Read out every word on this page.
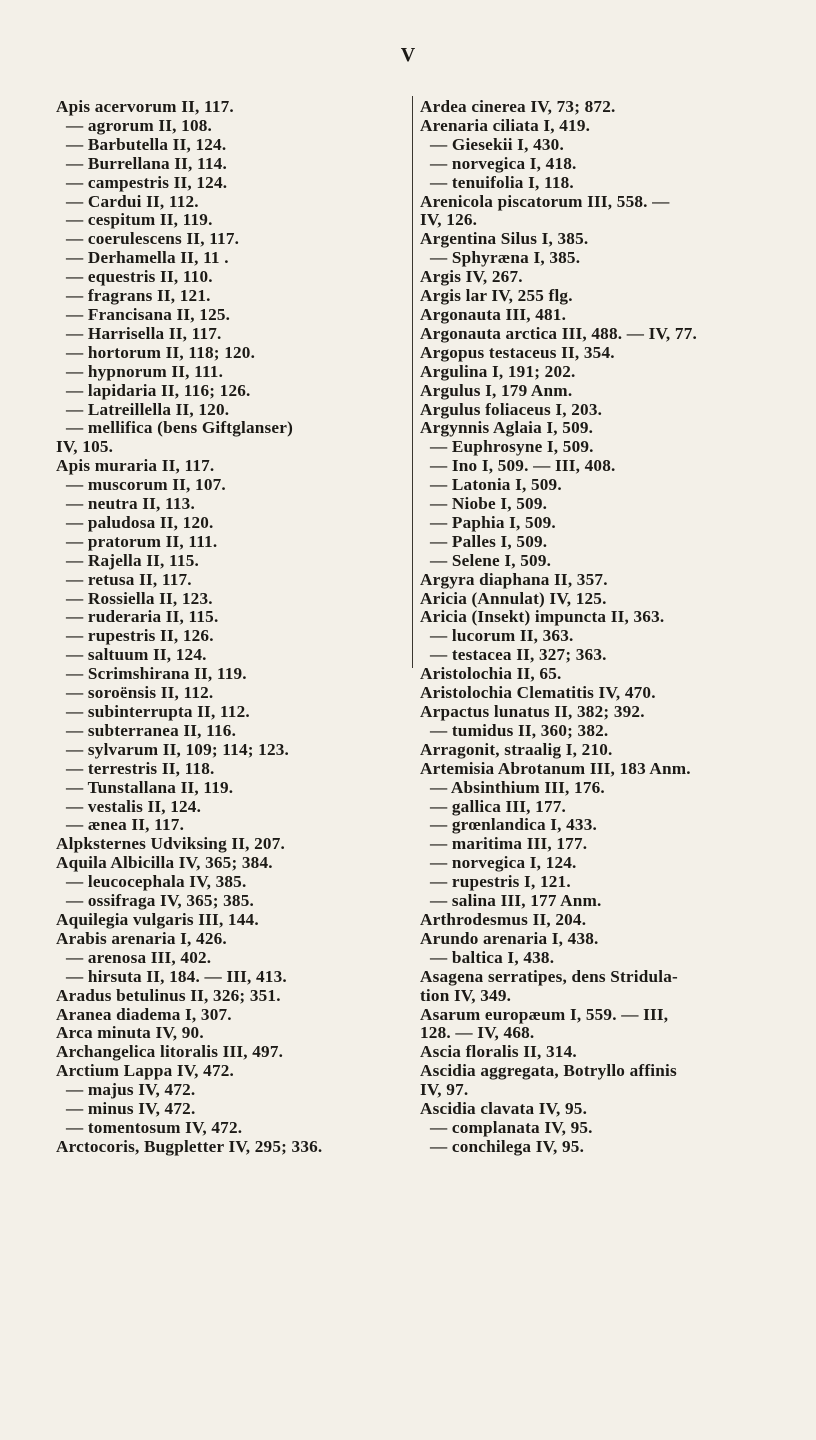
V
Apis acervorum II, 117.
— agrorum II, 108.
— Barbutella II, 124.
— Burrellana II, 114.
— campestris II, 124.
— Cardui II, 112.
— cespitum II, 119.
— coerulescens II, 117.
— Derhamella II, 11 .
— equestris II, 110.
— fragrans II, 121.
— Francisana II, 125.
— Harrisella II, 117.
— hortorum II, 118; 120.
— hypnorum II, 111.
— lapidaria II, 116; 126.
— Latreillella II, 120.
— mellifica (bens Giftglanser)
IV, 105.
Apis muraria II, 117.
— muscorum II, 107.
— neutra II, 113.
— paludosa II, 120.
— pratorum II, 111.
— Rajella II, 115.
— retusa II, 117.
— Rossiella II, 123.
— ruderaria II, 115.
— rupestris II, 126.
— saltuum II, 124.
— Scrimshirana II, 119.
— soroënsis II, 112.
— subinterrupta II, 112.
— subterranea II, 116.
— sylvarum II, 109; 114; 123.
— terrestris II, 118.
— Tunstallana II, 119.
— vestalis II, 124.
— ænea II, 117.
Alpksternes Udviksing II, 207.
Aquila Albicilla IV, 365; 384.
— leucocephala IV, 385.
— ossifraga IV, 365; 385.
Aquilegia vulgaris III, 144.
Arabis arenaria I, 426.
— arenosa III, 402.
— hirsuta II, 184. — III, 413.
Aradus betulinus II, 326; 351.
Aranea diadema I, 307.
Arca minuta IV, 90.
Archangelica litoralis III, 497.
Arctium Lappa IV, 472.
— majus IV, 472.
— minus IV, 472.
— tomentosum IV, 472.
Arctocoris, Bugpletter IV, 295; 336.
Ardea cinerea IV, 73; 872.
Arenaria ciliata I, 419.
— Giesekii I, 430.
— norvegica I, 418.
— tenuifolia I, 118.
Arenicola piscatorum III, 558. —
IV, 126.
Argentina Silus I, 385.
— Sphyræna I, 385.
Argis IV, 267.
Argis lar IV, 255 flg.
Argonauta III, 481.
Argonauta arctica III, 488. — IV, 77.
Argopus testaceus II, 354.
Argulina I, 191; 202.
Argulus I, 179 Anm.
Argulus foliaceus I, 203.
Argynnis Aglaia I, 509.
— Euphrosyne I, 509.
— Ino I, 509. — III, 408.
— Latonia I, 509.
— Niobe I, 509.
— Paphia I, 509.
— Palles I, 509.
— Selene I, 509.
Argyra diaphana II, 357.
Aricia (Annulat) IV, 125.
Aricia (Insekt) impuncta II, 363.
— lucorum II, 363.
— testacea II, 327; 363.
Aristolochia II, 65.
Aristolochia Clematitis IV, 470.
Arpactus lunatus II, 382; 392.
— tumidus II, 360; 382.
Arragonit, straalig I, 210.
Artemisia Abrotanum III, 183 Anm.
— Absinthium III, 176.
— gallica III, 177.
— grœnlandica I, 433.
— maritima III, 177.
— norvegica I, 124.
— rupestris I, 121.
— salina III, 177 Anm.
Arthrodesmus II, 204.
Arundo arenaria I, 438.
— baltica I, 438.
Asagena serratipes, dens Stridula-
tion IV, 349.
Asarum europæum I, 559. — III,
128. — IV, 468.
Ascia floralis II, 314.
Ascidia aggregata, Botryllo affinis
IV, 97.
Ascidia clavata IV, 95.
— complanata IV, 95.
— conchilega IV, 95.
